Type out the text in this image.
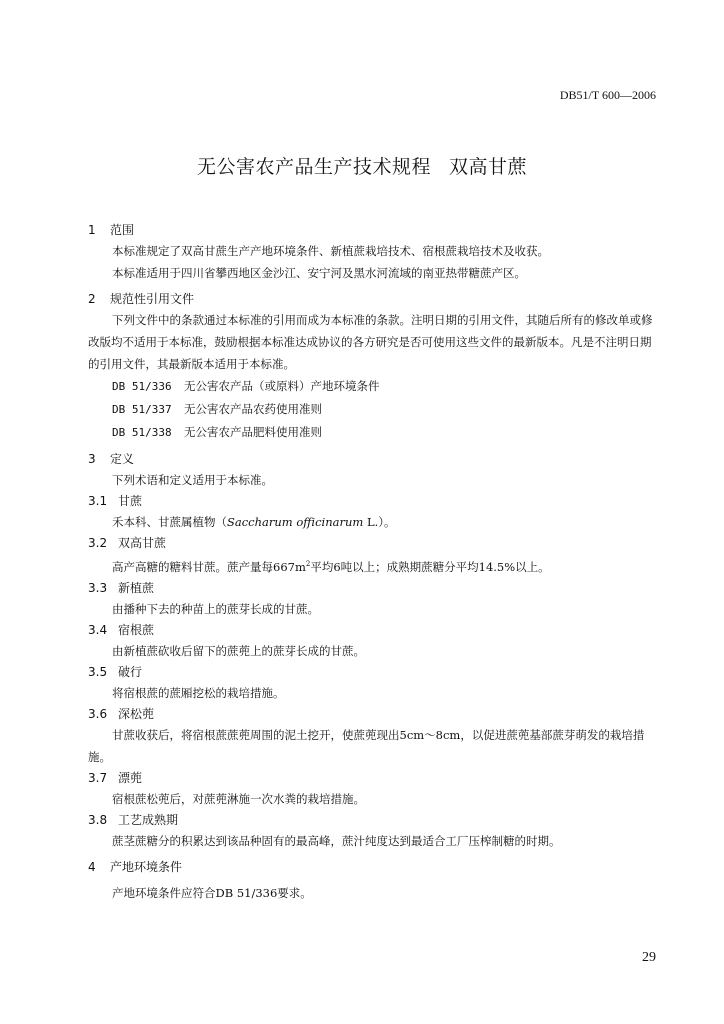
DB51/T 600—2006
无公害农产品生产技术规程 双高甘蔗
1 范围

本标准规定了双高甘蔗生产产地环境条件、新植蔗栽培技术、宿根蔗栽培技术及收获。

本标准适用于四川省攀西地区金沙江、安宁河及黑水河流域的南亚热带糖蔗产区。

2 规范性引用文件

下列文件中的条款通过本标准的引用而成为本标准的条款。注明日期的引用文件，其随后所有的修改单或修改版均不适用于本标准，鼓励根据本标准达成协议的各方研究是否可使用这些文件的最新版本。凡是不注明日期的引用文件，其最新版本适用于本标准。

DB 51/336 无公害农产品（或原料）产地环境条件
DB 51/337 无公害农产品农药使用准则
DB 51/338 无公害农产品肥料使用准则
3 定义

下列术语和定义适用于本标准。

3.1 甘蔗

禾本科、甘蔗属植物（Saccharum officinarum L.）。

3.2 双高甘蔗

高产高糖的糖料甘蔗。蔗产量每$667m^2$平均6吨以上；成熟期蔗糖分平均14.5%以上。

3.3 新植蔗

由播种下去的种苗上的蔗芽长成的甘蔗。

3.4 宿根蔗

由新植蔗砍收后留下的蔗蔸上的蔗芽长成的甘蔗。

3.5 破行

将宿根蔗的蔗厢挖松的栽培措施。

3.6 深松蔸

甘蔗收获后，将宿根蔗蔗蔸周围的泥土挖开，使蔗蔸现出5cm～8cm，以促进蔗蔸基部蔗芽萌发的栽培措施。

3.7 漂蔸

宿根蔗松蔸后，对蔗蔸淋施一次水粪的栽培措施。

3.8 工艺成熟期

蔗茎蔗糖分的积累达到该品种固有的最高峰，蔗汁纯度达到最适合工厂压榨制糖的时期。

4 产地环境条件

产地环境条件应符合DB 51/336要求。

29
